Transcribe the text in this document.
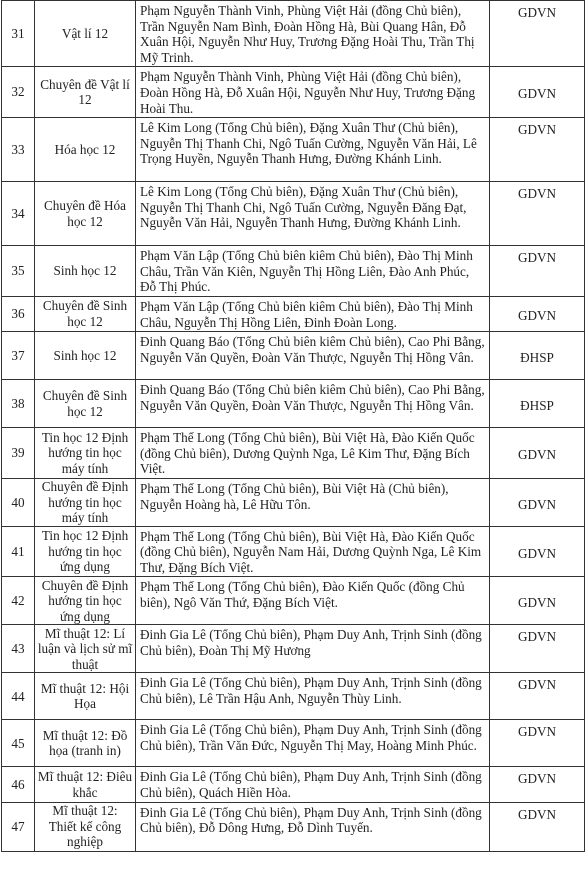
31	Vật lí 12	Phạm Nguyễn Thành Vinh, Phùng Việt Hải (đồng Chủ biên), Trần Nguyễn Nam Bình, Đoàn Hồng Hà, Bùi Quang Hân, Đỗ Xuân Hội, Nguyễn Như Huy, Trương Đặng Hoài Thu, Trần Thị Mỹ Trinh.	GDVN
32	Chuyên đề Vật lí 12	Phạm Nguyễn Thành Vinh, Phùng Việt Hải (đồng Chủ biên), Đoàn Hồng Hà, Đỗ Xuân Hội, Nguyễn Như Huy, Trương Đặng Hoài Thu.	GDVN
33	Hóa học 12	Lê Kim Long (Tổng Chủ biên), Đặng Xuân Thư (Chủ biên), Nguyễn Thị Thanh Chi, Ngô Tuấn Cường, Nguyễn Văn Hải, Lê Trọng Huyền, Nguyễn Thanh Hưng, Đường Khánh Linh.	GDVN
34	Chuyên đề Hóa học 12	Lê Kim Long (Tổng Chủ biên), Đặng Xuân Thư (Chủ biên), Nguyễn Thị Thanh Chi, Ngô Tuấn Cường, Nguyễn Đăng Đạt, Nguyễn Văn Hải, Nguyễn Thanh Hưng, Đường Khánh Linh.	GDVN
35	Sinh học 12	Phạm Văn Lập (Tổng Chủ biên kiêm Chủ biên), Đào Thị Minh Châu, Trần Văn Kiên, Nguyễn Thị Hồng Liên, Đào Anh Phúc, Đỗ Thị Phúc.	GDVN
36	Chuyên đề Sinh học 12	Phạm Văn Lập (Tổng Chủ biên kiêm Chủ biên), Đào Thị Minh Châu, Nguyễn Thị Hồng Liên, Đinh Đoàn Long.	GDVN
37	Sinh học 12	Đinh Quang Báo (Tổng Chủ biên kiêm Chủ biên), Cao Phi Bằng, Nguyễn Văn Quyền, Đoàn Văn Thược, Nguyễn Thị Hồng Vân.	ĐHSP
38	Chuyên đề Sinh học 12	Đinh Quang Báo (Tổng Chủ biên kiêm Chủ biên), Cao Phi Bằng, Nguyễn Văn Quyền, Đoàn Văn Thược, Nguyễn Thị Hồng Vân.	ĐHSP
39	Tin học 12 Định hướng tin học máy tính	Phạm Thế Long (Tổng Chủ biên), Bùi Việt Hà, Đào Kiến Quốc (đồng Chủ biên), Dương Quỳnh Nga, Lê Kim Thư, Đặng Bích Việt.	GDVN
40	Chuyên đề Định hướng tin học máy tính	Phạm Thế Long (Tổng Chủ biên), Bùi Việt Hà (Chủ biên), Nguyễn Hoàng hà, Lê Hữu Tôn.	GDVN
41	Tin học 12 Định hướng tin học ứng dụng	Phạm Thế Long (Tổng Chủ biên), Bùi Việt Hà, Đào Kiến Quốc (đồng Chủ biên), Nguyễn Nam Hải, Dương Quỳnh Nga, Lê Kim Thư, Đặng Bích Việt.	GDVN
42	Chuyên đề Định hướng tin học ứng dụng	Phạm Thế Long (Tổng Chủ biên), Đào Kiến Quốc (đồng Chủ biên), Ngô Văn Thứ, Đặng Bích Việt.	GDVN
43	Mĩ thuật 12: Lí luận và lịch sử mĩ thuật	Đinh Gia Lê (Tổng Chủ biên), Phạm Duy Anh, Trịnh Sinh (đồng Chủ biên), Đoàn Thị Mỹ Hương	GDVN
44	Mĩ thuật 12: Hội Họa	Đinh Gia Lê (Tổng Chủ biên), Phạm Duy Anh, Trịnh Sinh (đồng Chủ biên), Lê Trần Hậu Anh, Nguyễn Thùy Linh.	GDVN
45	Mĩ thuật 12: Đồ họa (tranh in)	Đinh Gia Lê (Tổng Chủ biên), Phạm Duy Anh, Trịnh Sinh (đồng Chủ biên), Trần Văn Đức, Nguyễn Thị May, Hoàng Minh Phúc.	GDVN
46	Mĩ thuật 12: Điêu khắc	Đinh Gia Lê (Tổng Chủ biên), Phạm Duy Anh, Trịnh Sinh (đồng Chủ biên), Quách Hiền Hòa.	GDVN
47	Mĩ thuật 12: Thiết kế công nghiệp	Đinh Gia Lê (Tổng Chủ biên), Phạm Duy Anh, Trịnh Sinh (đồng Chủ biên), Đỗ Dông Hưng, Đỗ Dình Tuyến.	GDVN
